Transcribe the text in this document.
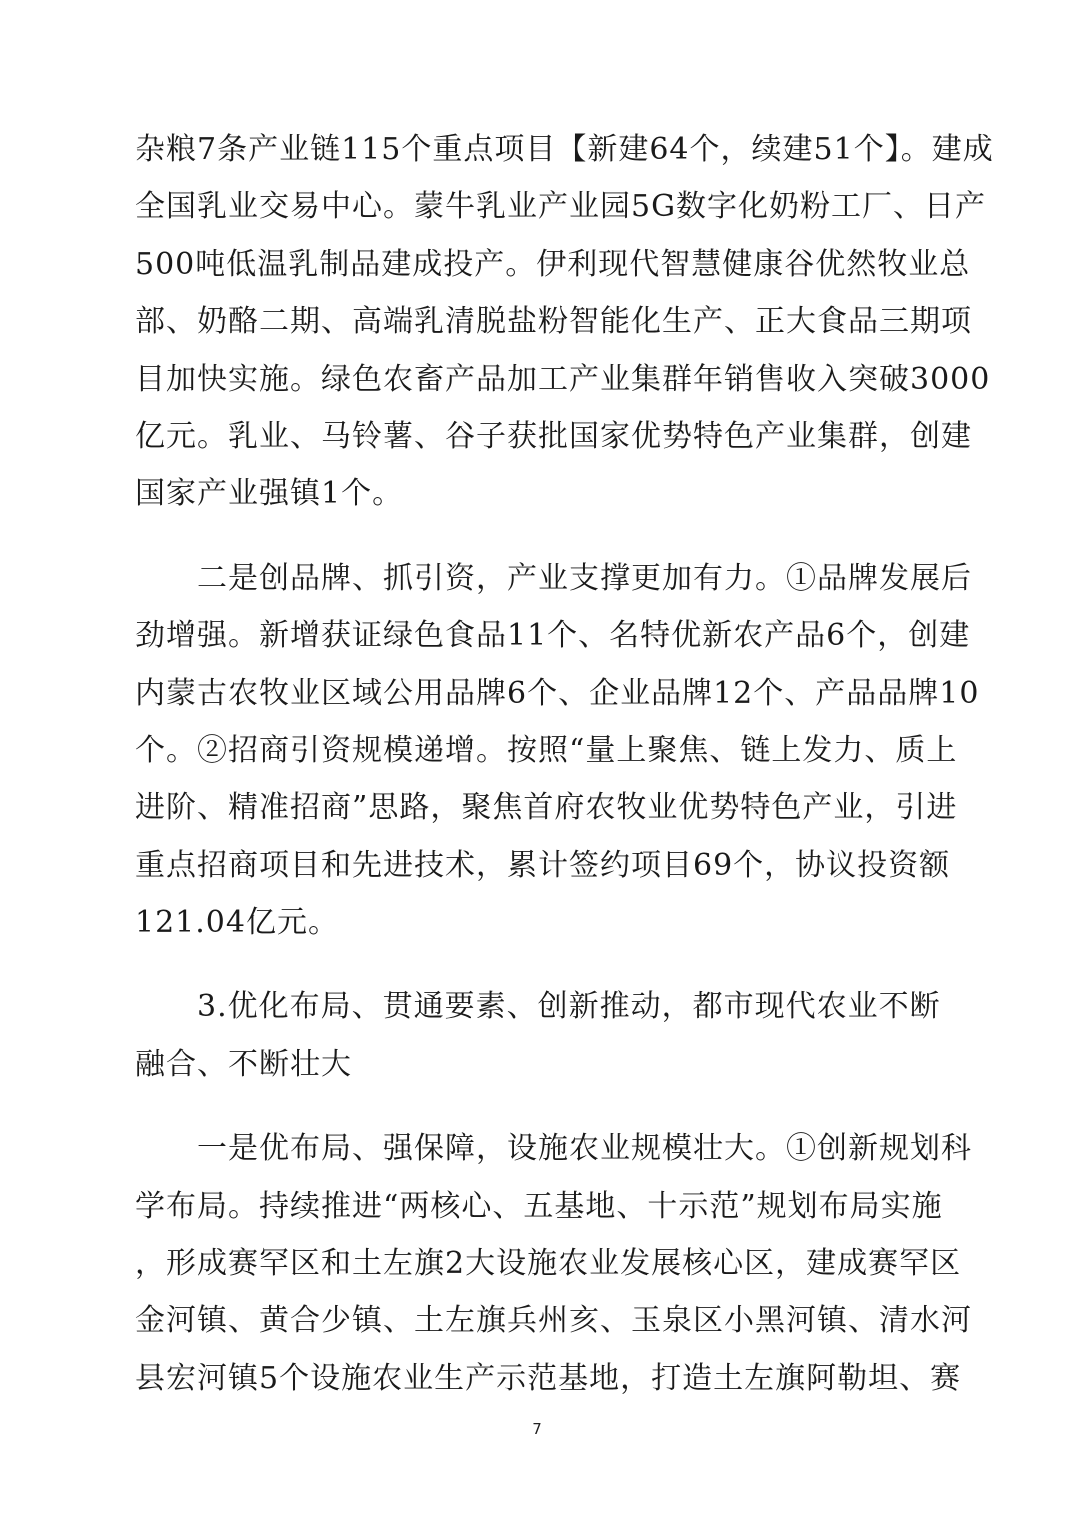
杂粮7条产业链115个重点项目【新建64个，续建51个】。建成
全国乳业交易中心。蒙牛乳业产业园5G数字化奶粉工厂、日产
500吨低温乳制品建成投产。伊利现代智慧健康谷优然牧业总
部、奶酪二期、高端乳清脱盐粉智能化生产、正大食品三期项
目加快实施。绿色农畜产品加工产业集群年销售收入突破3000
亿元。乳业、马铃薯、谷子获批国家优势特色产业集群，创建
国家产业强镇1个。
　　二是创品牌、抓引资，产业支撑更加有力。①品牌发展后
劲增强。新增获证绿色食品11个、名特优新农产品6个，创建
内蒙古农牧业区域公用品牌6个、企业品牌12个、产品品牌10
个。②招商引资规模递增。按照“量上聚焦、链上发力、质上
进阶、精准招商”思路，聚焦首府农牧业优势特色产业，引进
重点招商项目和先进技术，累计签约项目69个，协议投资额
121.04亿元。
　　3.优化布局、贯通要素、创新推动，都市现代农业不断
融合、不断壮大
　　一是优布局、强保障，设施农业规模壮大。①创新规划科
学布局。持续推进“两核心、五基地、十示范”规划布局实施
，形成赛罕区和土左旗2大设施农业发展核心区，建成赛罕区
金河镇、黄合少镇、土左旗兵州亥、玉泉区小黑河镇、清水河
县宏河镇5个设施农业生产示范基地，打造土左旗阿勒坦、赛
7
